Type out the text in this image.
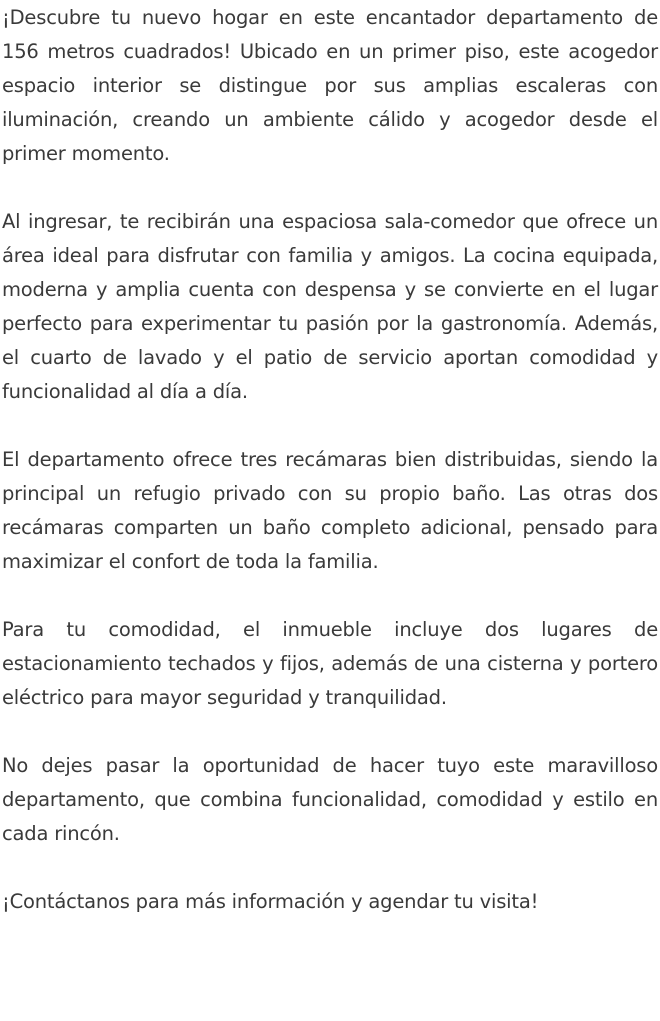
¡Descubre tu nuevo hogar en este encantador departamento de 156 metros cuadrados! Ubicado en un primer piso, este acogedor espacio interior se distingue por sus amplias escaleras con iluminación, creando un ambiente cálido y acogedor desde el primer momento.

Al ingresar, te recibirán una espaciosa sala-comedor que ofrece un área ideal para disfrutar con familia y amigos. La cocina equipada, moderna y amplia cuenta con despensa y se convierte en el lugar perfecto para experimentar tu pasión por la gastronomía. Además, el cuarto de lavado y el patio de servicio aportan comodidad y funcionalidad al día a día.

El departamento ofrece tres recámaras bien distribuidas, siendo la principal un refugio privado con su propio baño. Las otras dos recámaras comparten un baño completo adicional, pensado para maximizar el confort de toda la familia.

Para tu comodidad, el inmueble incluye dos lugares de estacionamiento techados y fijos, además de una cisterna y portero eléctrico para mayor seguridad y tranquilidad.

No dejes pasar la oportunidad de hacer tuyo este maravilloso departamento, que combina funcionalidad, comodidad y estilo en cada rincón.

¡Contáctanos para más información y agendar tu visita!
